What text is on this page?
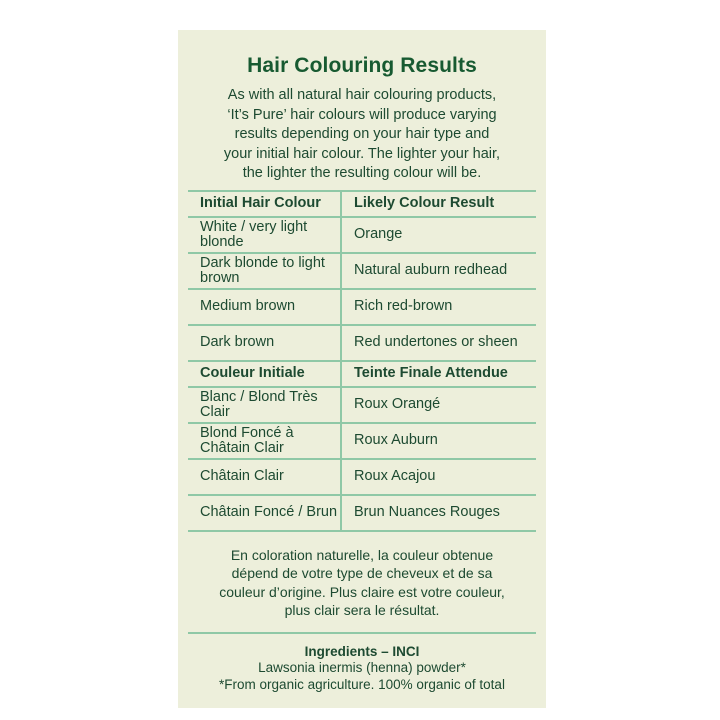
Hair Colouring Results

As with all natural hair colouring products,
‘It’s Pure’ hair colours will produce varying
results depending on your hair type and
your initial hair colour. The lighter your hair,
the lighter the resulting colour will be.

Initial Hair Colour	Likely Colour Result
White / very light blonde	Orange
Dark blonde to light brown	Natural auburn redhead
Medium brown	Rich red-brown
Dark brown	Red undertones or sheen
Couleur Initiale	Teinte Finale Attendue
Blanc / Blond Très Clair	Roux Orangé
Blond Foncé à Châtain Clair	Roux Auburn
Châtain Clair	Roux Acajou
Châtain Foncé / Brun	Brun Nuances Rouges

En coloration naturelle, la couleur obtenue
dépend de votre type de cheveux et de sa
couleur d’origine. Plus claire est votre couleur,
plus clair sera le résultat.

Ingredients – INCI
Lawsonia inermis (henna) powder*
*From organic agriculture. 100% organic of total
